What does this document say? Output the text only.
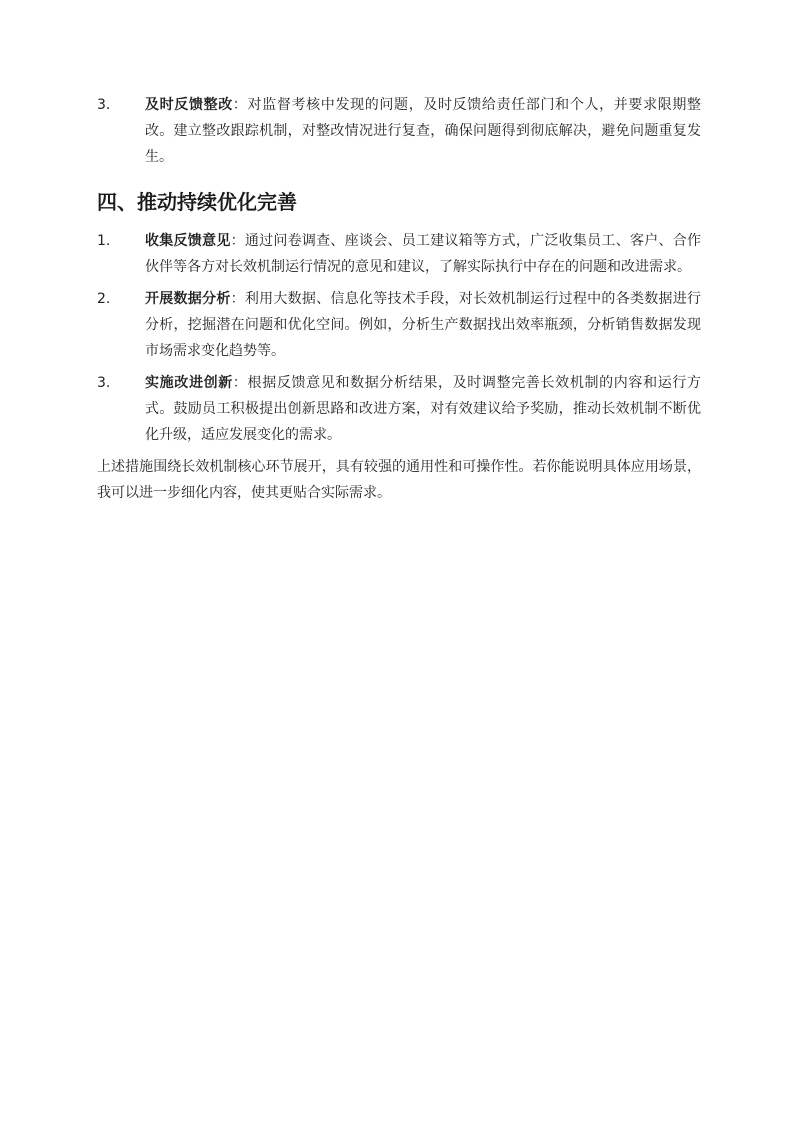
3.	及时反馈整改：对监督考核中发现的问题，及时反馈给责任部门和个人，并要求限期整改。建立整改跟踪机制，对整改情况进行复查，确保问题得到彻底解决，避免问题重复发生。
四、推动持续优化完善
1.	收集反馈意见：通过问卷调查、座谈会、员工建议箱等方式，广泛收集员工、客户、合作伙伴等各方对长效机制运行情况的意见和建议，了解实际执行中存在的问题和改进需求。
2.	开展数据分析：利用大数据、信息化等技术手段，对长效机制运行过程中的各类数据进行分析，挖掘潜在问题和优化空间。例如，分析生产数据找出效率瓶颈，分析销售数据发现市场需求变化趋势等。
3.	实施改进创新：根据反馈意见和数据分析结果，及时调整完善长效机制的内容和运行方式。鼓励员工积极提出创新思路和改进方案，对有效建议给予奖励，推动长效机制不断优化升级，适应发展变化的需求。
上述措施围绕长效机制核心环节展开，具有较强的通用性和可操作性。若你能说明具体应用场景，我可以进一步细化内容，使其更贴合实际需求。
